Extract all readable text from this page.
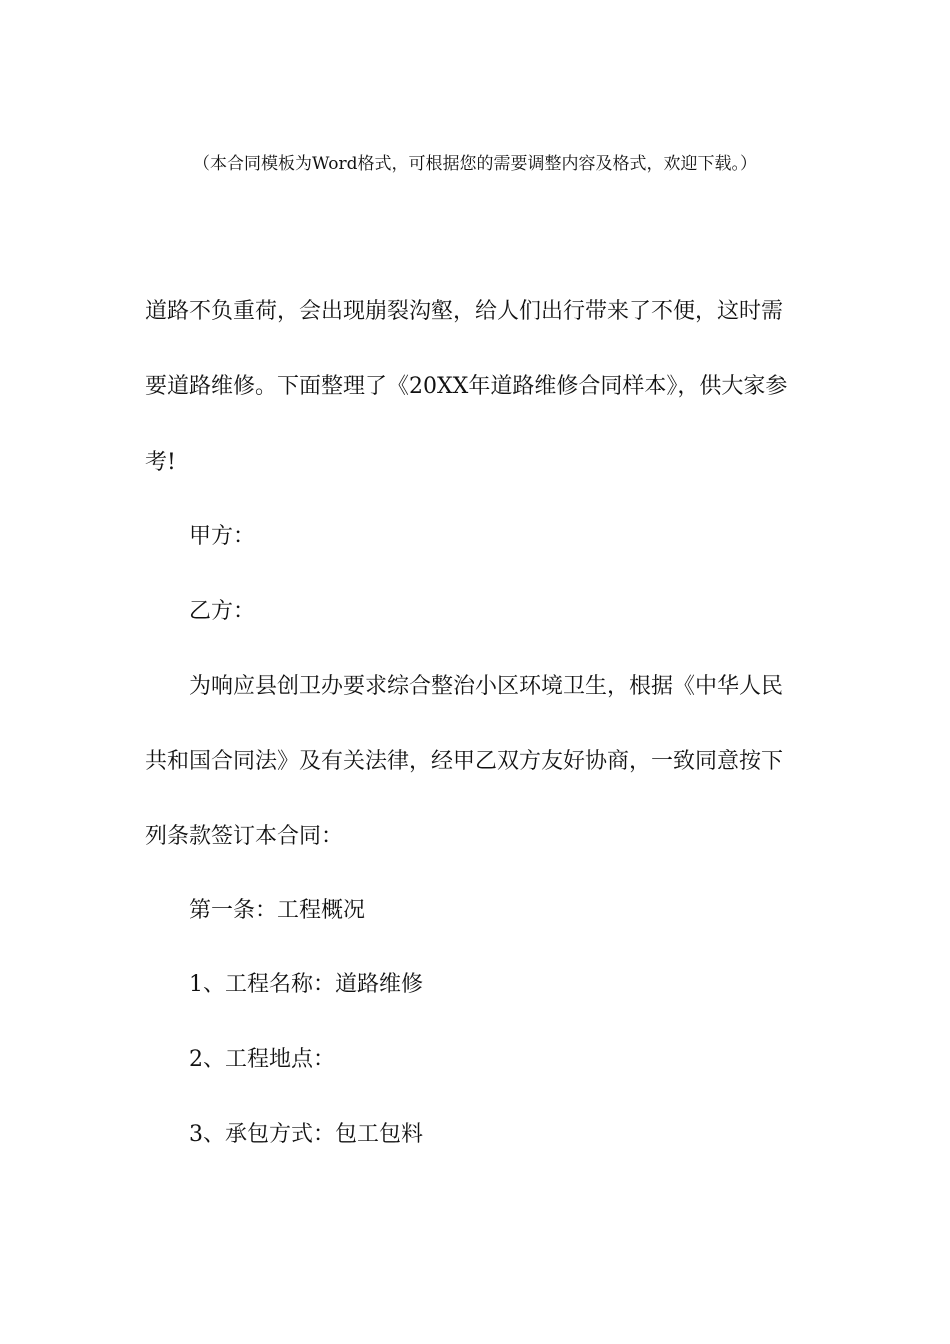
（本合同模板为Word格式，可根据您的需要调整内容及格式，欢迎下载。）
道路不负重荷，会出现崩裂沟壑，给人们出行带来了不便，这时需
要道路维修。下面整理了《20XX年道路维修合同样本》，供大家参
考!
甲方：
乙方：
为响应县创卫办要求综合整治小区环境卫生，根据《中华人民
共和国合同法》及有关法律，经甲乙双方友好协商，一致同意按下
列条款签订本合同：
第一条：工程概况
1、工程名称：道路维修
2、工程地点：
3、承包方式：包工包料
